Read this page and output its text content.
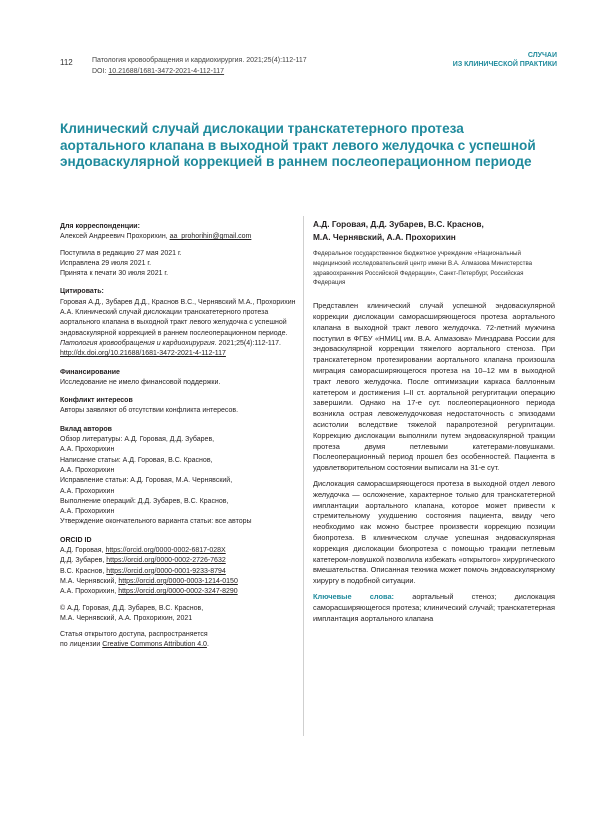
112	Патология кровообращения и кардиохирургия. 2021;25(4):112-117
DOI: 10.21688/1681-3472-2021-4-112-117
СЛУЧАИ
ИЗ КЛИНИЧЕСКОЙ ПРАКТИКИ
Клинический случай дислокации транскатетерного протеза аортального клапана в выходной тракт левого желудочка с успешной эндоваскулярной коррекцией в раннем послеоперационном периоде

Для корреспонденции:

Алексей Андреевич Прохорихин, aa_prohorihin@gmail.com

Поступила в редакцию 27 мая 2021 г.

Исправлена 29 июля 2021 г.

Принята к печати 30 июля 2021 г.

Цитировать:

Горовая А.Д., Зубарев Д.Д., Краснов В.С., Чернявский М.А., Прохорихин А.А. Клинический случай дислокации транскатетерного протеза аортального клапана в выходной тракт левого желудочка с успешной эндоваскулярной коррекцией в раннем послеоперационном периоде. Патология кровообращения и кардиохирургия. 2021;25(4):112-117.

http://dx.doi.org/10.21688/1681-3472-2021-4-112-117

Финансирование

Исследование не имело финансовой поддержки.

Конфликт интересов

Авторы заявляют об отсутствии конфликта интересов.

Вклад авторов

Обзор литературы: А.Д. Горовая, Д.Д. Зубарев,

А.А. Прохорихин

Написание статьи: А.Д. Горовая, В.С. Краснов,

А.А. Прохорихин

Исправление статьи: А.Д. Горовая, М.А. Чернявский,

А.А. Прохорихин

Выполнение операций: Д.Д. Зубарев, В.С. Краснов,

А.А. Прохорихин

Утверждение окончательного варианта статьи: все авторы

ORCID ID

А.Д. Горовая, https://orcid.org/0000-0002-6817-028X

Д.Д. Зубарев, https://orcid.org/0000-0002-2726-7632

В.С. Краснов, https://orcid.org/0000-0001-9233-8794

М.А. Чернявский, https://orcid.org/0000-0003-1214-0150

А.А. Прохорихин, https://orcid.org/0000-0002-3247-8290

© А.Д. Горовая, Д.Д. Зубарев, В.С. Краснов,

М.А. Чернявский, А.А. Прохорихин, 2021

Статья открытого доступа, распространяется

по лицензии Creative Commons Attribution 4.0.

А.Д. Горовая, Д.Д. Зубарев, В.С. Краснов,
М.А. Чернявский, А.А. Прохорихин
Федеральное государственное бюджетное учреждение «Национальный медицинский исследовательский центр имени В.А. Алмазова Министерства здравоохранения Российской Федерации», Санкт-Петербург, Российская Федерация

Представлен клинический случай успешной эндоваскулярной коррекции дислокации саморасширяющегося протеза аортального клапана в выходной тракт левого желудочка. 72-летний мужчина поступил в ФГБУ «НМИЦ им. В.А. Алмазова» Минздрава России для эндоваскулярной коррекции тяжелого аортального стеноза. При транскатетерном протезировании аортального клапана произошла миграция саморасширяющегося протеза на 10–12 мм в выходной тракт левого желудочка. После оптимизации каркаса баллонным катетером и достижения I–II ст. аортальной регургитации операцию завершили. Однако на 17-е сут. послеоперационного периода возникла острая левожелудочковая недостаточность с эпизодами асистолии вследствие тяжелой парапротезной регургитации. Коррекцию дислокации выполнили путем эндоваскулярной тракции протеза двумя петлевыми катетерами-ловушками. Послеоперационный период прошел без особенностей. Пациента в удовлетворительном состоянии выписали на 31-е сут.

Дислокация саморасширяющегося протеза в выходной отдел левого желудочка — осложнение, характерное только для транскатетерной имплантации аортального клапана, которое может привести к стремительному ухудшению состояния пациента, ввиду чего необходимо как можно быстрее произвести коррекцию позиции биопротеза. В клиническом случае успешная эндоваскулярная коррекция дислокации биопротеза с помощью тракции петлевым катетером-ловушкой позволила избежать «открытого» хирургического вмешательства. Описанная техника может помочь эндоваскулярному хирургу в подобной ситуации.

Ключевые слова: аортальный стеноз; дислокация саморасширяющегося протеза; клинический случай; транскатетерная имплантация аортального клапана
